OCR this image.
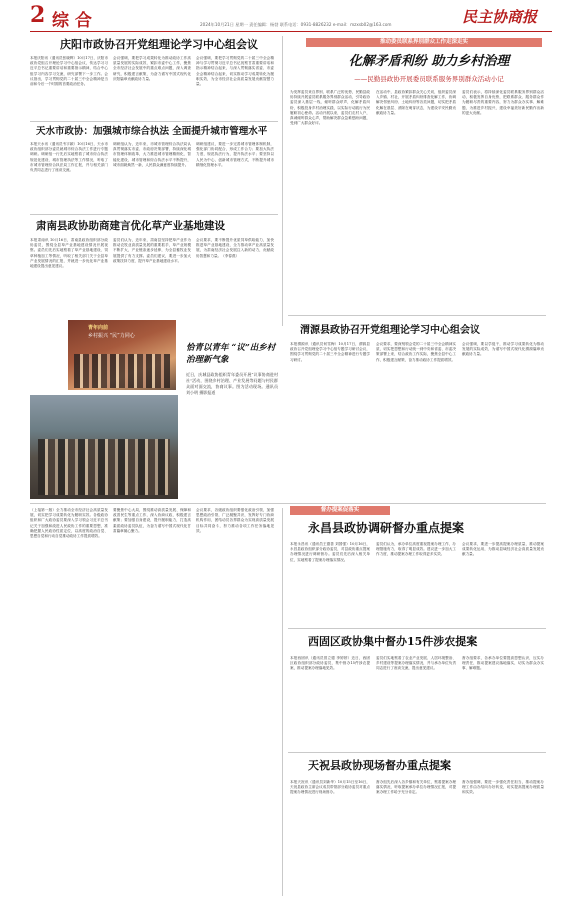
2 综 合	2024年10月21日 星期一 责任编辑：杨勃 联系电话：0931-8826232 e-mail：mzxsb02@163.com	民主协商报
庆阳市政协召开党组理论学习中心组会议
本报庆阳讯（通讯员张晓辉）10月17日，庆阳市政协党组召开理论学习中心组会议，传达学习习近平总书记重要讲话和重要指示精神，结合中心组学习内容学习交流，研究部署下一步工作。会议指出，学习贯彻党的二十届三中全会精神是当前和今后一个时期的首要政治任务。
会议强调，要把学习成果转化为推动政协工作高质量发展的实际成效，紧扣市委中心工作，聚焦全市经济社会发展中的重点难点问题，深入调查研究，积极建言献策，为奋力谱写中国式现代化庆阳篇章贡献政协力量。
会议强调，要把学习贯彻党的二十届三中全会精神与学习贯彻习近平总书记视察甘肃重要讲话和指示精神结合起来，与深入贯彻落实省委、市委全会精神结合起来，切实推动学习成果转化为履职实效，为全市经济社会高质量发展贡献智慧力量。
天水市政协：加强城市综合执法 全面提升城市管理水平
本报天水讯（通讯员韦宇颖）10月16日，天水市政协组织部分委员就城市综合执法工作进行专题调研。调研组一行先后实地察看了城市综合执法规范化建设、城市管理执法等工作情况，听取了市城市管理综合执法局工作汇报，并与相关部门负责同志进行了座谈交流。
调研组认为，近年来，市城市管理综合执法局认真贯彻落实市委、市政府决策部署，持续深化城市管理体制改革，大力推进城市管理精细化、智能化建设，城市管理和综合执法水平不断提升，城市面貌焕然一新，人民群众满意度持续提升。
调研组建议，要进一步完善城市管理体制机制，强化部门协同配合，形成工作合力；要加大执法力度，规范执法行为，提升执法水平；要坚持以人民为中心，创新城市管理方式，不断提升城市精细化管理水平。
肃南县政协助商建言优化草产业基地建设
本报肃南讯 10月16日，肃南县政协组织部分政协委员，围绕全县草产业基地建设情况开展视察。委员们先后实地察看了草产业基地建设、饲草种植加工等情况，听取了相关部门关于全县草产业发展情况的汇报，并就进一步优化草产业基地建设提出意见建议。
委员们认为，近年来，肃南县坚持把草产业作为推动农牧业高质量发展的重要抓手，草产业规模不断扩大，产业链条逐步延伸，为全县畜牧业发展提供了有力支撑。委员们建议，要进一步加大政策扶持力度，提升草产业基地建设水平。
会议要求，要不断提升优质饲草供给能力，加快推进草产业基地建设，全力推动草产业高质量发展，为肃南经济社会发展注入新的动力，贡献政协智慧和力量。（李春燕）
推动委员联系界别群众工作走深走实
化解矛盾利纷 助力乡村治理
——民勤县政协开展委员联系服务界别群众活动小记
为发挥委员来自界别、联系广泛的优势，民勤县政协持续开展委员联系服务界别群众活动，引导政协委员深入基层一线，倾听群众呼声，化解矛盾纠纷，积极投身乡村治理实践，以实际行动践行为民履职初心使命。活动开展以来，委员们走村入户，真诚倾听群众心声，帮助解决群众急难愁盼问题，受到广大群众好评。
在活动中，县政协紧扣群众关心关切，组织委员深入乡镇、村社，开展矛盾纠纷排查化解工作，协调解决邻里纠纷、土地纠纷等各类问题，切实把矛盾化解在基层、消除在萌芽状态，为建设平安民勤贡献政协力量。
委员们表示，将持续深化委员联系服务界别群众活动，积极发挥自身优势，把联系群众、服务群众作为履职尽责的重要内容，努力为群众办实事、解难题，为推进乡村振兴、建设幸福美好新民勤作出新的更大贡献。
青年向前
乡村振兴 “民”力同心
恰青以青年 “议”出乡村治理新气象
近日，庆城县政协组织青年委员开展“议事协商进村社”活动，围绕乡村治理、产业发展等问题与村民群众面对面交流，协商议事。图为活动现场。通讯员 刘小明 摄影报道
渭源县政协召开党组理论学习中心组会议
本报渭源讯（通讯员何雪梅）10月17日，渭源县政协召开党组理论学习中心组专题学习研讨会议，围绕学习贯彻党的二十届三中全会精神进行专题学习研讨。
会议要求，要深刻领会党的二十届三中全会精神实质，切实把思想和行动统一到中央和省委、市委决策部署上来，结合政协工作实际，聚焦全县中心工作，积极建言献策，奋力推动政协工作提质增效。
会议强调，要以学促干，推动学习成果转化为推动发展的实际成效，为谱写中国式现代化渭源篇章贡献政协力量。
（上接第一版）全力推动全市经济社会高质量发展，切实把学习成果转化为履职实效。各级政协组织和广大政协委员要深入学习领会习近平总书记关于加强和改进人民政协工作的重要思想，准确把握人民政协性质定位，以高度的政治自觉、思想自觉和行动自觉推动政协工作提质增效。
要聚焦中心大局，围绕推动高质量发展、保障和改善民生等重点工作，深入协商议政，积极建言献策；要加强自身建设，提升履职能力，打造高素质政协委员队伍，为奋力谱写中国式现代化甘肃篇章凝心聚力。
会议要求，各级政协组织要强化政治引领，加强思想政治引领，广泛凝聚共识，发挥好专门协商机构作用，团结动员各界群众为实现高质量发展目标共同奋斗，努力推动各项工作任务落地见效。
督办提案促落实
永昌县政协调研督办重点提案
本报永昌讯（通讯员王德善 刘国强）10月16日，永昌县政协组织部分政协委员，对县政协重点提案办理情况进行调研督办。委员们先后深入相关单位，实地察看了提案办理落实情况。
委员们认为，承办单位高度重视提案办理工作，办理措施有力，取得了明显成效。建议进一步加大工作力度，推动提案办理工作取得更多实效。
会议要求，要进一步提高提案办理质量，推动提案成果转化运用，为推动县域经济社会高质量发展贡献力量。
西固区政协集中督办15件涉农提案
本报西固讯（通讯员曾立德 李婷婷）近日，西固区政协组织部分政协委员，集中督办15件涉农提案，推动提案办理落地见效。
委员们实地察看了农业产业发展、人居环境整治、乡村建设等提案办理落实情况，并与承办单位负责同志进行了座谈交流，提出意见建议。
督办组要求，各承办单位要提高思想认识，压实办理责任，推动提案建议落地落实，切实为群众办实事、解难题。
天祝县政协现场督办重点提案
本报天祝讯（通讯员刘新华）10月15日至16日，天祝县政协主席会议成员带领部分政协委员对重点提案办理情况进行现场督办。
督办组先后深入各乡镇和有关单位，察看提案办理落实情况，听取提案承办单位办理情况汇报，对提案办理工作给予充分肯定。
督办组强调，要进一步强化责任担当，推动提案办理工作由办结向办好转变，切实提高提案办理质量和实效。
